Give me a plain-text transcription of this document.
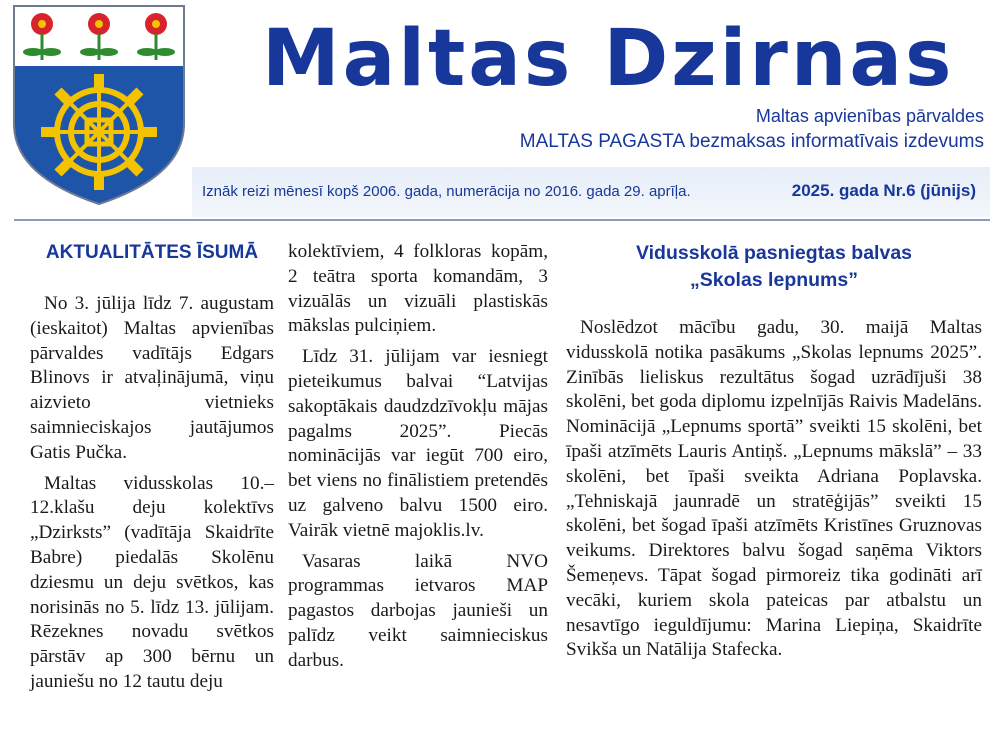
Maltas Dzirnas
Maltas apvienības pārvaldes
MALTAS PAGASTA bezmaksas informatīvais izdevums
Iznāk reizi mēnesī kopš 2006. gada, numerācija no 2016. gada 29. aprīļa.	2025. gada Nr.6 (jūnijs)
AKTUALITĀTES ĪSUMĀ

No 3. jūlija līdz 7. augustam (ieskaitot) Maltas apvienības pārvaldes vadītājs Edgars Blinovs ir atvaļinājumā, viņu aizvieto vietnieks saimnieciskajos jautājumos Gatis Pučka.

Maltas vidusskolas 10.–12.klašu deju kolektīvs „Dzirksts” (vadītāja Skaidrīte Babre) piedalās Skolēnu dziesmu un deju svētkos, kas norisinās no 5. līdz 13. jūlijam. Rēzeknes novadu svētkos pārstāv ap 300 bērnu un jauniešu no 12 tautu deju

kolektīviem, 4 folkloras kopām, 2 teātra sporta komandām, 3 vizuālās un vizuāli plastiskās mākslas pulciņiem.

Līdz 31. jūlijam var iesniegt pieteikumus balvai “Latvijas sakoptākais daudzdzīvokļu mājas pagalms 2025”. Piecās nominācijās var iegūt 700 eiro, bet viens no finālistiem pretendēs uz galveno balvu 1500 eiro. Vairāk vietnē majoklis.lv.

Vasaras laikā NVO programmas ietvaros MAP pagastos darbojas jaunieši un palīdz veikt saimnieciskus darbus.

Vidusskolā pasniegtas balvas
„Skolas lepnums”

Noslēdzot mācību gadu, 30. maijā Maltas vidusskolā notika pasākums „Skolas lepnums 2025”. Zinībās lieliskus rezultātus šogad uzrādījuši 38 skolēni, bet goda diplomu izpelnījās Raivis Madelāns. Nominācijā „Lepnums sportā” sveikti 15 skolēni, bet īpaši atzīmēts Lauris Antiņš. „Lepnums mākslā” – 33 skolēni, bet īpaši sveikta Adriana Poplavska. „Tehniskajā jaunradē un stratēģijās” sveikti 15 skolēni, bet šogad īpaši atzīmēts Kristīnes Gruznovas veikums. Direktores balvu šogad saņēma Viktors Šemeņevs. Tāpat šogad pirmoreiz tika godināti arī vecāki, kuriem skola pateicas par atbalstu un nesavtīgo ieguldījumu: Marina Liepiņa, Skaidrīte Svikša un Natālija Stafecka.
